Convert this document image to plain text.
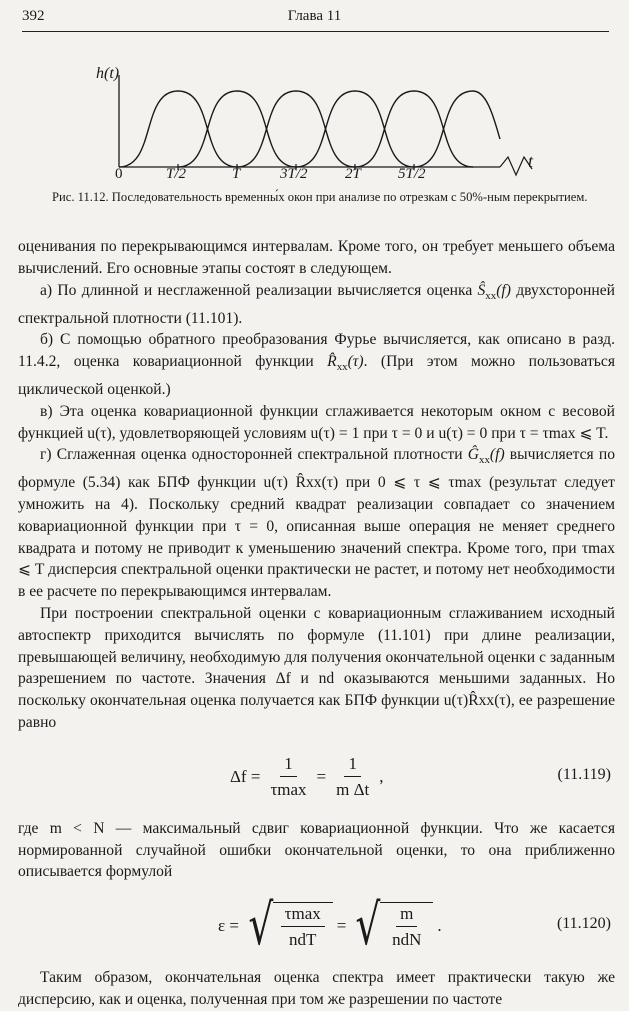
392	Глава 11
h(t)
t
0	T/2	T	3T/2 2T 5T/2
Рис. 11.12. Последовательность временны́х окон при анализе по отрезкам с 50%-ным перекрытием.

оценивания по перекрывающимся интервалам. Кроме того, он требует меньшего объема вычислений. Его основные этапы состоят в следующем.

а) По длинной и несглаженной реализации вычисляется оценка $Ŝ_{xx}(f)$ двухсторонней спектральной плотности (11.101).

б) С помощью обратного преобразования Фурье вычисляется, как описано в разд. 11.4.2, оценка ковариационной функции $R̂_{xx}(\tau)$. (При этом можно пользоваться циклической оценкой.)

в) Эта оценка ковариационной функции сглаживается некоторым окном с весовой функцией u(τ), удовлетворяющей условиям u(τ) = 1 при τ = 0 и u(τ) = 0 при τ = τmax ⩽ T.

г) Сглаженная оценка односторонней спектральной плотности $Ĝ_{xx}(f)$ вычисляется по формуле (5.34) как БПФ функции u(τ) R̂xx(τ) при 0 ⩽ τ ⩽ τmax (результат следует умножить на 4). Поскольку средний квадрат реализации совпадает со значением ковариационной функции при τ = 0, описанная выше операция не меняет среднего квадрата и потому не приводит к уменьшению значений спектра. Кроме того, при τmax ⩽ T дисперсия спектральной оценки практически не растет, и потому нет необходимости в ее расчете по перекрывающимся интервалам.

При построении спектральной оценки с ковариационным сглаживанием исходный автоспектр приходится вычислять по формуле (11.101) при длине реализации, превышающей величину, необходимую для получения окончательной оценки с заданным разрешением по частоте. Значения Δf и nd оказываются меньшими заданных. Но поскольку окончательная оценка получается как БПФ функции u(τ)R̂xx(τ), ее разрешение равно

$\Delta f = \frac{1}{\tau\max} = \frac{1}{\text{m Δt}}$ ,	(11.119)

где m < N — максимальный сдвиг ковариационной функции. Что же касается нормированной случайной ошибки окончательной оценки, то она приближенно описывается формулой

ε = √ $\frac{\tau\max}{\text{ndT}}$ = √ $\frac{m}{\text{ndN}}$ .	(11.120)

Таким образом, окончательная оценка спектра имеет практически такую же дисперсию, как и оценка, полученная при том же разрешении по частоте
